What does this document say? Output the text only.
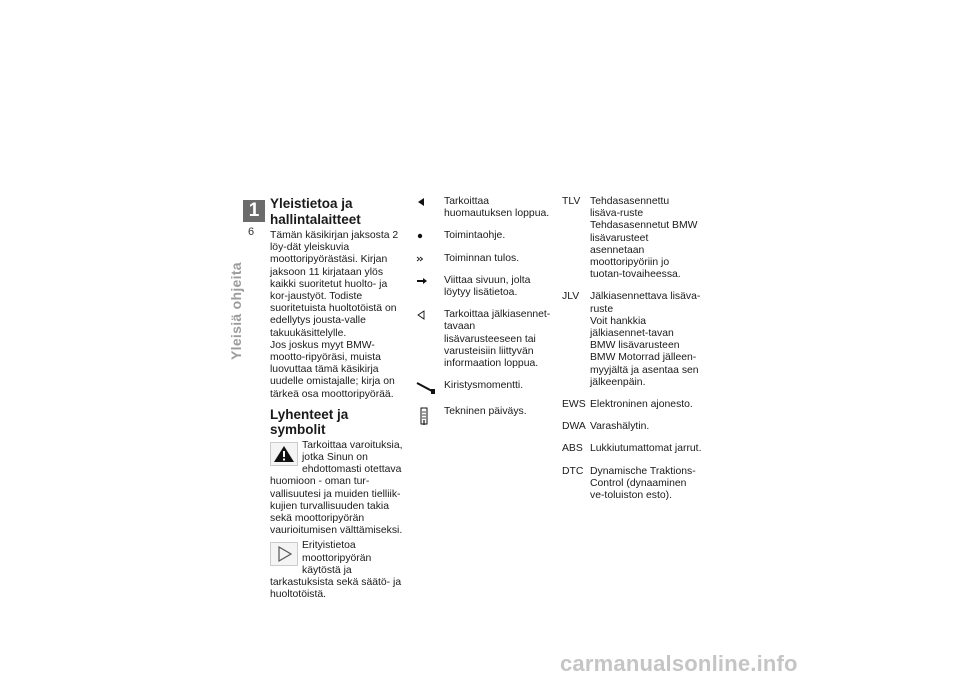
1
6
Yleisiä ohjeita
Yleistietoa ja hallintalaitteet

Tämän käsikirjan jaksosta 2 löy-dät yleiskuvia moottoripyörästäsi. Kirjan jaksoon 11 kirjataan ylös kaikki suoritetut huolto- ja kor-jaustyöt. Todiste suoritetuista huoltotöistä on edellytys jousta-valle takuukäsittelylle.

Jos joskus myyt BMW-mootto-ripyöräsi, muista luovuttaa tämä käsikirja uudelle omistajalle; kirja on tärkeä osa moottoripyörää.

Lyhenteet ja symbolit
Tarkoittaa varoituksia, jotka Sinun on ehdottomasti otettava huomioon - oman tur-vallisuutesi ja muiden tielliik-kujien turvallisuuden takia sekä moottoripyörän vaurioitumisen välttämiseksi.
Erityistietoa moottoripyörän käytöstä ja tarkastuksista sekä säätö- ja huoltotöistä.
Tarkoittaa huomautuksen loppua.
Toimintaohje.
Toiminnan tulos.
Viittaa sivuun, jolta löytyy lisätietoa.
Tarkoittaa jälkiasennet-tavaan lisävarusteeseen tai varusteisiin liittyvän informaation loppua.
Kiristysmomentti.
Tekninen päiväys.
TLV Tehdasasennettu lisäva-ruste

Tehdasasennetut BMW lisävarusteet asennetaan moottoripyöriin jo tuotan-tovaiheessa.

JLV	Jälkiasennettava lisäva-ruste

Voit hankkia jälkiasennet-tavan BMW lisävarusteen BMW Motorrad jälleen-myyjältä ja asentaa sen jälkeenpäin.

EWS Elektroninen ajonesto.

DWA Varashälytin.

ABS Lukkiutumattomat jarrut.

DTC Dynamische Traktions-Control (dynaaminen ve-toluiston esto).

carmanualsonline.info
